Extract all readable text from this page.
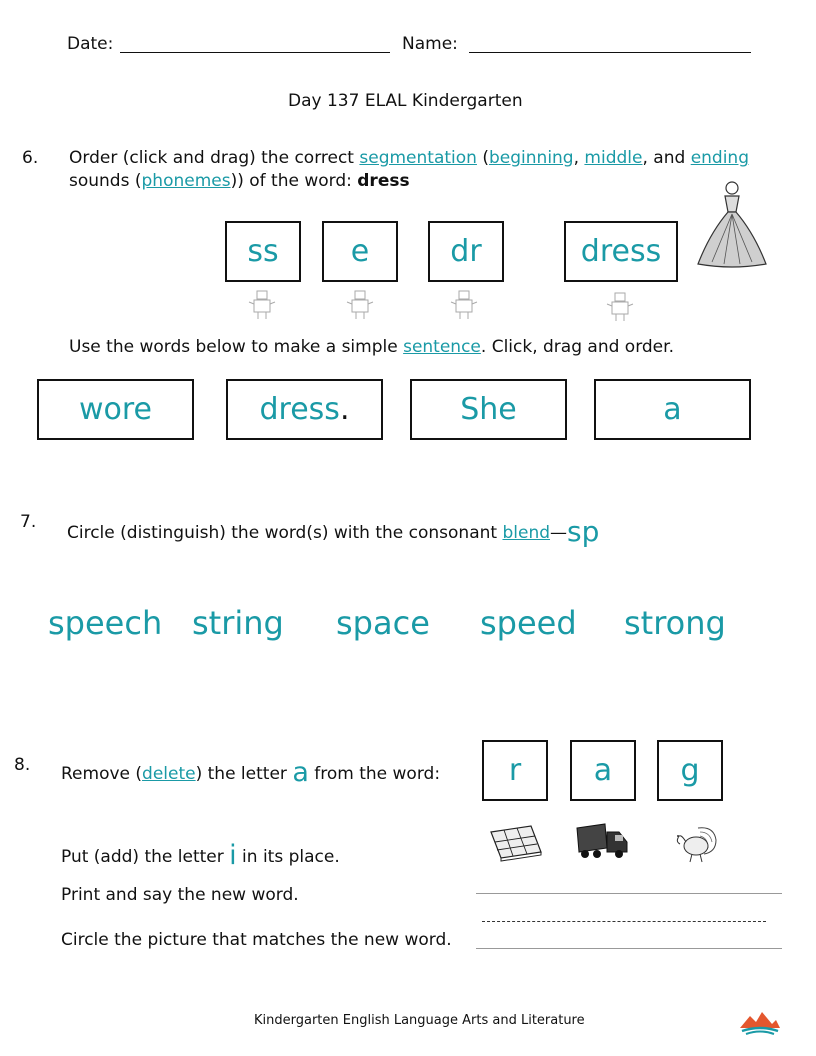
Date:	Name:
Day 137 ELAL Kindergarten
6. Order (click and drag) the correct segmentation (beginning, middle, and ending
sounds (phonemes)) of the word: dress
ss	e	dr	dress
Use the words below to make a simple sentence. Click, drag and order.
wore	dress .	She	a
7.
Circle (distinguish) the word(s) with the consonant blend—sp
speech string space speed strong
8. Remove (delete) the letter a from the word:	r	a	g
Put (add) the letter i in its place.
Print and say the new word.
Circle the picture that matches the new word.
Kindergarten English Language Arts and Literature
